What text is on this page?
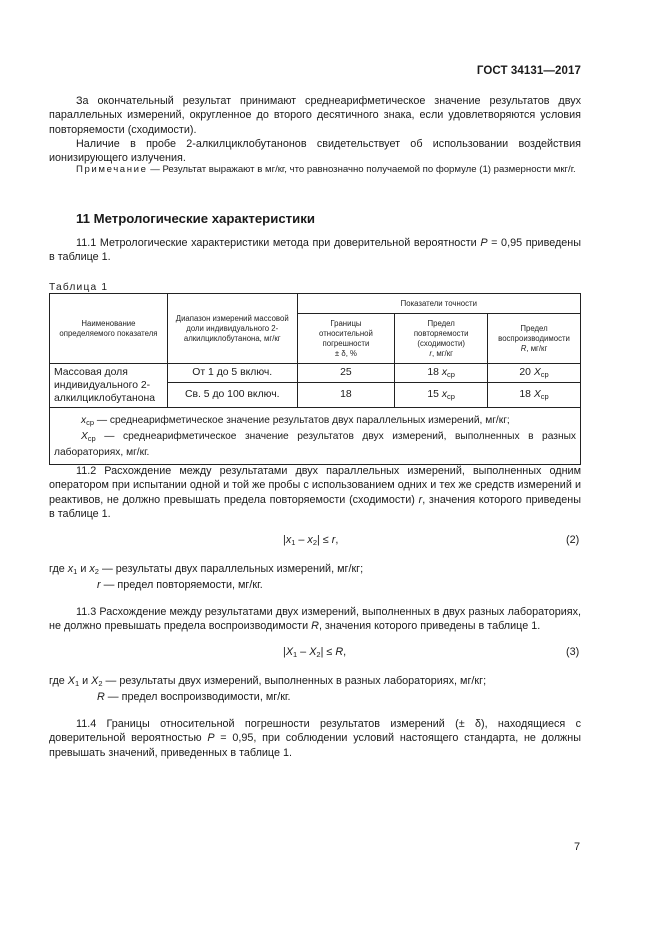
ГОСТ 34131—2017
За окончательный результат принимают среднеарифметическое значение результатов двух параллельных измерений, округленное до второго десятичного знака, если удовлетворяются условия повторяемости (сходимости).
Наличие в пробе 2-алкилциклобутанонов свидетельствует об использовании воздействия ионизирующего излучения.
Примечание — Результат выражают в мг/кг, что равнозначно получаемой по формуле (1) размерности мкг/г.
11 Метрологические характеристики
11.1 Метрологические характеристики метода при доверительной вероятности P = 0,95 приведены в таблице 1.
Таблица 1
Наименование определяемого показателя	Диапазон измерений массовой доли индивидуального 2-алкилциклобутанона, мг/кг	Показатели точности		
		Границы
относительной
погрешности
± δ, %	Предел
повторяемости
(сходимости)
r, мг/кг	Предел
воспроизводимости
R, мг/кг
Массовая доля индивидуального 2-алкилциклобутанона	От 1 до 5 включ.	25	18 $x_{ср}$	20 $X_{ср}$
	Св. 5 до 100 включ.	18	15 $x_{ср}$	18 $X_{ср}$

$x_{ср}$ — среднеарифметическое значение результатов двух параллельных измерений, мг/кг;
$X_{ср}$ — среднеарифметическое значение результатов двух измерений, выполненных в разных лабораториях, мг/кг.				
11.2 Расхождение между результатами двух параллельных измерений, выполненных одним оператором при испытании одной и той же пробы с использованием одних и тех же средств измерений и реактивов, не должно превышать предела повторяемости (сходимости) r, значения которого приведены в таблице 1.
$|x_1 - x_2| \le r$,	(2)
где $x_1$ и $x_2$ — результаты двух параллельных измерений, мг/кг;
r — предел повторяемости, мг/кг.
11.3 Расхождение между результатами двух измерений, выполненных в двух разных лабораториях, не должно превышать предела воспроизводимости R, значения которого приведены в таблице 1.
$|X_1 - X_2| \le R$,	(3)
где $X_1$ и $X_2$ — результаты двух измерений, выполненных в разных лабораториях, мг/кг;
R — предел воспроизводимости, мг/кг.
11.4 Границы относительной погрешности результатов измерений (± δ), находящиеся с доверительной вероятностью P = 0,95, при соблюдении условий настоящего стандарта, не должны превышать значений, приведенных в таблице 1.
7
